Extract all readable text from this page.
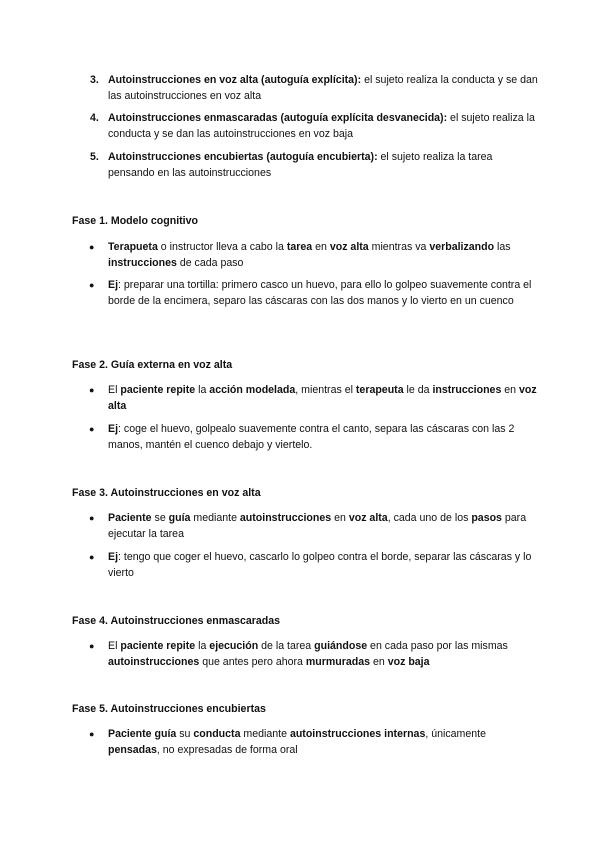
3. Autoinstrucciones en voz alta (autoguía explícita): el sujeto realiza la conducta y se dan las autoinstrucciones en voz alta
4. Autoinstrucciones enmascaradas (autoguía explícita desvanecida): el sujeto realiza la conducta y se dan las autoinstrucciones en voz baja
5. Autoinstrucciones encubiertas (autoguía encubierta): el sujeto realiza la tarea pensando en las autoinstrucciones
Fase 1. Modelo cognitivo
● Terapueta o instructor lleva a cabo la tarea en voz alta mientras va verbalizando las instrucciones de cada paso
● Ej: preparar una tortilla: primero casco un huevo, para ello lo golpeo suavemente contra el borde de la encimera, separo las cáscaras con las dos manos y lo vierto en un cuenco
Fase 2. Guía externa en voz alta
● El paciente repite la acción modelada, mientras el terapeuta le da instrucciones en voz alta
● Ej: coge el huevo, golpealo suavemente contra el canto, separa las cáscaras con las 2 manos, mantén el cuenco debajo y viertelo.
Fase 3. Autoinstrucciones en voz alta
● Paciente se guía mediante autoinstrucciones en voz alta, cada uno de los pasos para ejecutar la tarea
● Ej: tengo que coger el huevo, cascarlo lo golpeo contra el borde, separar las cáscaras y lo vierto
Fase 4. Autoinstrucciones enmascaradas
● El paciente repite la ejecución de la tarea guiándose en cada paso por las mismas autoinstrucciones que antes pero ahora murmuradas en voz baja
Fase 5. Autoinstrucciones encubiertas
● Paciente guía su conducta mediante autoinstrucciones internas, únicamente pensadas, no expresadas de forma oral
